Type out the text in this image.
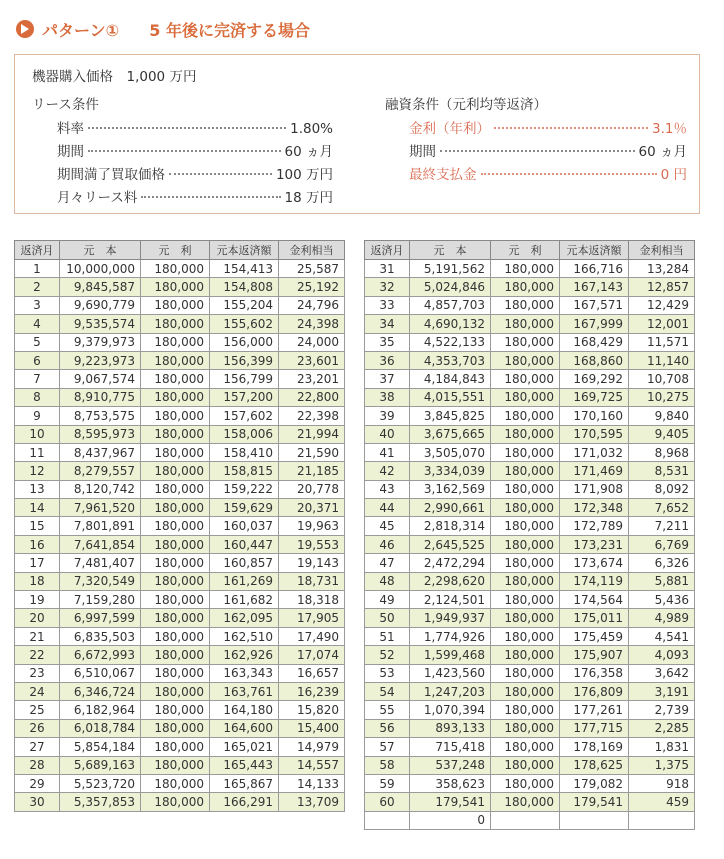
パターン① 5 年後に完済する場合
機器購入価格　1,000 万円
リース条件
料率	1.80%
期間	60 ヵ月
期間満了買取価格	100 万円
月々リース料	18 万円
融資条件（元利均等返済）
金利（年利）	3.1％
期間	60 ヵ月
最終支払金	0 円
返済月	元　本	元　利	元本返済額	金利相当
1	10,000,000	180,000	154,413	25,587
2	9,845,587	180,000	154,808	25,192
3	9,690,779	180,000	155,204	24,796
4	9,535,574	180,000	155,602	24,398
5	9,379,973	180,000	156,000	24,000
6	9,223,973	180,000	156,399	23,601
7	9,067,574	180,000	156,799	23,201
8	8,910,775	180,000	157,200	22,800
9	8,753,575	180,000	157,602	22,398
10	8,595,973	180,000	158,006	21,994
11	8,437,967	180,000	158,410	21,590
12	8,279,557	180,000	158,815	21,185
13	8,120,742	180,000	159,222	20,778
14	7,961,520	180,000	159,629	20,371
15	7,801,891	180,000	160,037	19,963
16	7,641,854	180,000	160,447	19,553
17	7,481,407	180,000	160,857	19,143
18	7,320,549	180,000	161,269	18,731
19	7,159,280	180,000	161,682	18,318
20	6,997,599	180,000	162,095	17,905
21	6,835,503	180,000	162,510	17,490
22	6,672,993	180,000	162,926	17,074
23	6,510,067	180,000	163,343	16,657
24	6,346,724	180,000	163,761	16,239
25	6,182,964	180,000	164,180	15,820
26	6,018,784	180,000	164,600	15,400
27	5,854,184	180,000	165,021	14,979
28	5,689,163	180,000	165,443	14,557
29	5,523,720	180,000	165,867	14,133
30	5,357,853	180,000	166,291	13,709
返済月	元　本	元　利	元本返済額	金利相当
31	5,191,562	180,000	166,716	13,284
32	5,024,846	180,000	167,143	12,857
33	4,857,703	180,000	167,571	12,429
34	4,690,132	180,000	167,999	12,001
35	4,522,133	180,000	168,429	11,571
36	4,353,703	180,000	168,860	11,140
37	4,184,843	180,000	169,292	10,708
38	4,015,551	180,000	169,725	10,275
39	3,845,825	180,000	170,160	9,840
40	3,675,665	180,000	170,595	9,405
41	3,505,070	180,000	171,032	8,968
42	3,334,039	180,000	171,469	8,531
43	3,162,569	180,000	171,908	8,092
44	2,990,661	180,000	172,348	7,652
45	2,818,314	180,000	172,789	7,211
46	2,645,525	180,000	173,231	6,769
47	2,472,294	180,000	173,674	6,326
48	2,298,620	180,000	174,119	5,881
49	2,124,501	180,000	174,564	5,436
50	1,949,937	180,000	175,011	4,989
51	1,774,926	180,000	175,459	4,541
52	1,599,468	180,000	175,907	4,093
53	1,423,560	180,000	176,358	3,642
54	1,247,203	180,000	176,809	3,191
55	1,070,394	180,000	177,261	2,739
56	893,133	180,000	177,715	2,285
57	715,418	180,000	178,169	1,831
58	537,248	180,000	178,625	1,375
59	358,623	180,000	179,082	918
60	179,541	180,000	179,541	459
	0			
